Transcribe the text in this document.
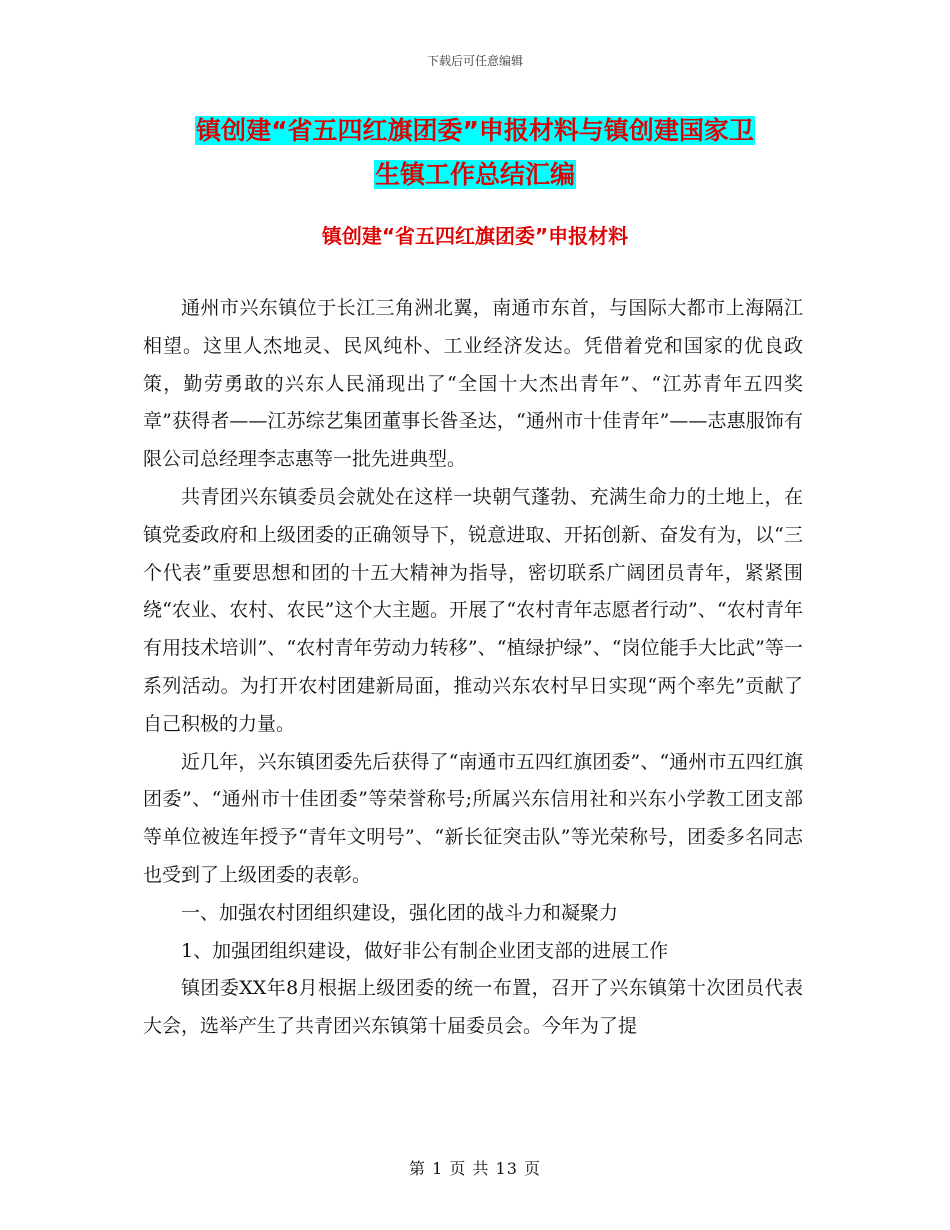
下载后可任意编辑
镇创建“省五四红旗团委”申报材料与镇创建国家卫
生镇工作总结汇编
镇创建“省五四红旗团委”申报材料

通州市兴东镇位于长江三角洲北翼，南通市东首，与国际大都市上海隔江相望。这里人杰地灵、民风纯朴、工业经济发达。凭借着党和国家的优良政策，勤劳勇敢的兴东人民涌现出了“全国十大杰出青年”、“江苏青年五四奖章”获得者——江苏综艺集团董事长昝圣达，“通州市十佳青年”——志惠服饰有限公司总经理李志惠等一批先进典型。

共青团兴东镇委员会就处在这样一块朝气蓬勃、充满生命力的土地上，在镇党委政府和上级团委的正确领导下，锐意进取、开拓创新、奋发有为，以“三个代表”重要思想和团的十五大精神为指导，密切联系广阔团员青年，紧紧围绕“农业、农村、农民”这个大主题。开展了“农村青年志愿者行动”、“农村青年有用技术培训”、“农村青年劳动力转移”、“植绿护绿”、“岗位能手大比武”等一系列活动。为打开农村团建新局面，推动兴东农村早日实现“两个率先”贡献了自己积极的力量。

近几年，兴东镇团委先后获得了“南通市五四红旗团委”、“通州市五四红旗团委”、“通州市十佳团委”等荣誉称号;所属兴东信用社和兴东小学教工团支部等单位被连年授予“青年文明号”、“新长征突击队”等光荣称号，团委多名同志也受到了上级团委的表彰。

一、加强农村团组织建设，强化团的战斗力和凝聚力

1、加强团组织建设，做好非公有制企业团支部的进展工作

镇团委XX年8月根据上级团委的统一布置，召开了兴东镇第十次团员代表大会，选举产生了共青团兴东镇第十届委员会。今年为了提

第 1 页 共 13 页
